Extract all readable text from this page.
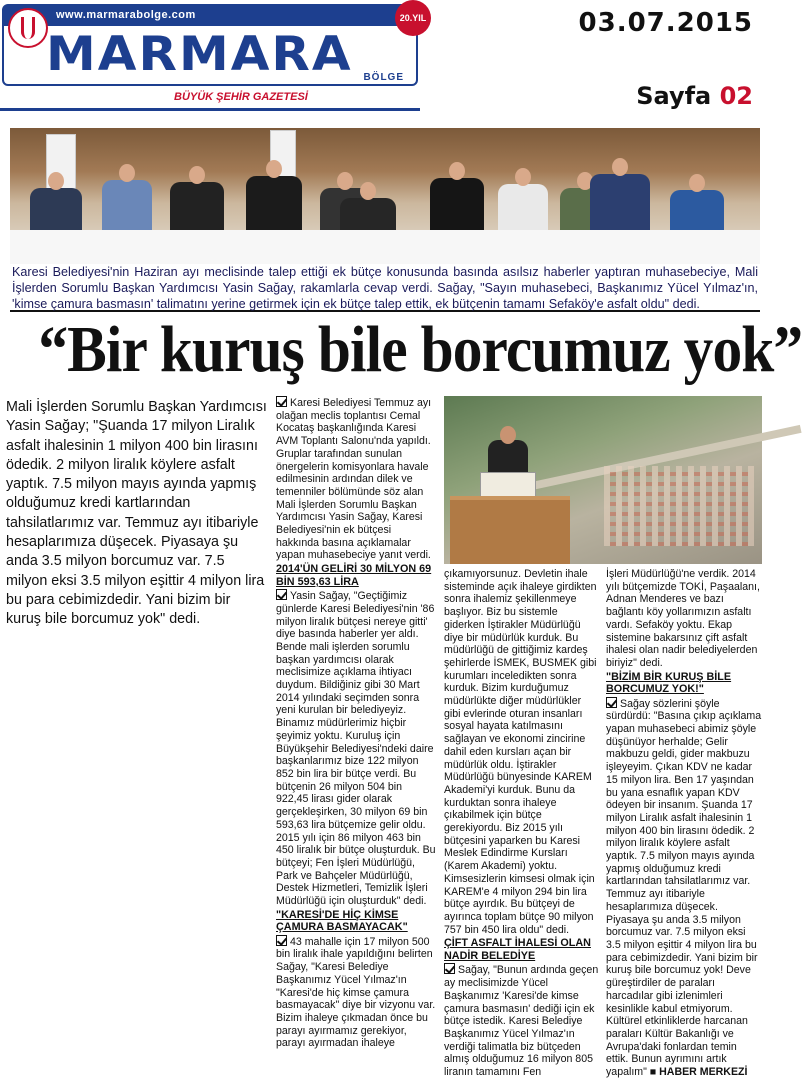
www.marmarabolge.com
MARMARA BÖLGE
20.YIL
BÜYÜK ŞEHİR GAZETESİ
03.07.2015
Sayfa 02
Karesi Belediyesi'nin Haziran ayı meclisinde talep ettiği ek bütçe konusunda basında asılsız haberler yaptıran muhasebeciye, Mali İşlerden Sorumlu Başkan Yardımcısı Yasin Sağay, rakamlarla cevap verdi. Sağay, "Sayın muhasebeci, Başkanımız Yücel Yılmaz'ın, 'kimse çamura basmasın' talimatını yerine getirmek için ek bütçe talep ettik, ek bütçenin tamamı Sefaköy'e asfalt oldu" dedi.
“Bir kuruş bile borcumuz yok”
Mali İşlerden Sorumlu Başkan Yardımcısı Yasin Sağay; "Şuanda 17 milyon Liralık asfalt ihalesinin 1 milyon 400 bin lirasını ödedik. 2 milyon liralık köylere asfalt yaptık. 7.5 milyon mayıs ayında yapmış olduğumuz kredi kartlarından tahsilatlarımız var. Temmuz ayı itibariyle hesaplarımıza düşecek. Piyasaya şu anda 3.5 milyon borcumuz var. 7.5 milyon eksi 3.5 milyon eşittir 4 milyon lira bu para cebimizdedir. Yani bizim bir kuruş bile borcumuz yok" dedi.

Karesi Belediyesi Temmuz ayı olağan meclis toplantısı Cemal Kocataş başkanlığında Karesi AVM Toplantı Salonu'nda yapıldı. Gruplar tarafından sunulan önergelerin komisyonlara havale edilmesinin ardından dilek ve temenniler bölümünde söz alan Mali İşlerden Sorumlu Başkan Yardımcısı Yasin Sağay, Karesi Belediyesi'nin ek bütçesi hakkında basına açıklamalar yapan muhasebeciye yanıt verdi.

2014'ÜN GELİRİ 30 MİLYON 69 BİN 593,63 LİRA

Yasin Sağay, "Geçtiğimiz günlerde Karesi Belediyesi'nin '86 milyon liralık bütçesi nereye gitti' diye basında haberler yer aldı. Bende mali işlerden sorumlu başkan yardımcısı olarak meclisimize açıklama ihtiyacı duydum. Bildiğiniz gibi 30 Mart 2014 yılındaki seçimden sonra yeni kurulan bir belediyeyiz. Binamız müdürlerimiz hiçbir şeyimiz yoktu. Kuruluş için Büyükşehir Belediyesi'ndeki daire başkanlarımız bize 122 milyon 852 bin lira bir bütçe verdi. Bu bütçenin 26 milyon 504 bin 922,45 lirası gider olarak gerçekleşirken, 30 milyon 69 bin 593,63 lira bütçemize gelir oldu. 2015 yılı için 86 milyon 463 bin 450 liralık bir bütçe oluşturduk. Bu bütçeyi; Fen İşleri Müdürlüğü, Park ve Bahçeler Müdürlüğü, Destek Hizmetleri, Temizlik İşleri Müdürlüğü için oluşturduk" dedi.

"KARESİ'DE HİÇ KİMSE ÇAMURA BASMAYACAK"

43 mahalle için 17 milyon 500 bin liralık ihale yapıldığını belirten Sağay, "Karesi Belediye Başkanımız Yücel Yılmaz'ın "Karesi'de hiç kimse çamura basmayacak" diye bir vizyonu var. Bizim ihaleye çıkmadan önce bu parayı ayırmamız gerekiyor, parayı ayırmadan ihaleye

çıkamıyorsunuz. Devletin ihale sisteminde açık ihaleye girdikten sonra ihalemiz şekillenmeye başlıyor. Biz bu sistemle giderken İştirakler Müdürlüğü diye bir müdürlük kurduk. Bu müdürlüğü de gittiğimiz kardeş şehirlerde İSMEK, BUSMEK gibi kurumları inceledikten sonra kurduk. Bizim kurduğumuz müdürlükte diğer müdürlükler gibi evlerinde oturan insanları sosyal hayata katılmasını sağlayan ve ekonomi zincirine dahil eden kursları açan bir müdürlük oldu. İştirakler Müdürlüğü bünyesinde KAREM Akademi'yi kurduk. Bunu da kurduktan sonra ihaleye çıkabilmek için bütçe gerekiyordu. Biz 2015 yılı bütçesini yaparken bu Karesi Meslek Edindirme Kursları (Karem Akademi) yoktu. Kimsesizlerin kimsesi olmak için KAREM'e 4 milyon 294 bin lira bütçe ayırdık. Bu bütçeyi de ayırınca toplam bütçe 90 milyon 757 bin 450 lira oldu" dedi.

ÇİFT ASFALT İHALESİ OLAN NADİR BELEDİYE

Sağay, "Bunun ardında geçen ay meclisimizde Yücel Başkanımız 'Karesi'de kimse çamura basmasın' dediği için ek bütçe istedik. Karesi Belediye Başkanımız Yücel Yılmaz'ın verdiği talimatla biz bütçeden almış olduğumuz 16 milyon 805 liranın tamamını Fen

İşleri Müdürlüğü'ne verdik. 2014 yılı bütçemizde TOKİ, Paşaalanı, Adnan Menderes ve bazı bağlantı köy yollarımızın asfaltı vardı. Sefaköy yoktu. Ekap sistemine bakarsınız çift asfalt ihalesi olan nadir belediyelerden biriyiz" dedi.

"BİZİM BİR KURUŞ BİLE BORCUMUZ YOK!"

Sağay sözlerini şöyle sürdürdü: "Basına çıkıp açıklama yapan muhasebeci abimiz şöyle düşünüyor herhalde; Gelir makbuzu geldi, gider makbuzu işleyeyim. Çıkan KDV ne kadar 15 milyon lira. Ben 17 yaşından bu yana esnaflık yapan KDV ödeyen bir insanım. Şuanda 17 milyon Liralık asfalt ihalesinin 1 milyon 400 bin lirasını ödedik. 2 milyon liralık köylere asfalt yaptık. 7.5 milyon mayıs ayında yapmış olduğumuz kredi kartlarından tahsilatlarımız var. Temmuz ayı itibariyle hesaplarımıza düşecek. Piyasaya şu anda 3.5 milyon borcumuz var. 7.5 milyon eksi 3.5 milyon eşittir 4 milyon lira bu para cebimizdedir. Yani bizim bir kuruş bile borcumuz yok! Deve güreştirdiler de paraları harcadılar gibi izlenimleri kesinlikle kabul etmiyorum. Kültürel etkinliklerde harcanan paraları Kültür Bakanlığı ve Avrupa'daki fonlardan temin ettik. Bunun ayrımını artık yapalım" ■ HABER MERKEZİ
